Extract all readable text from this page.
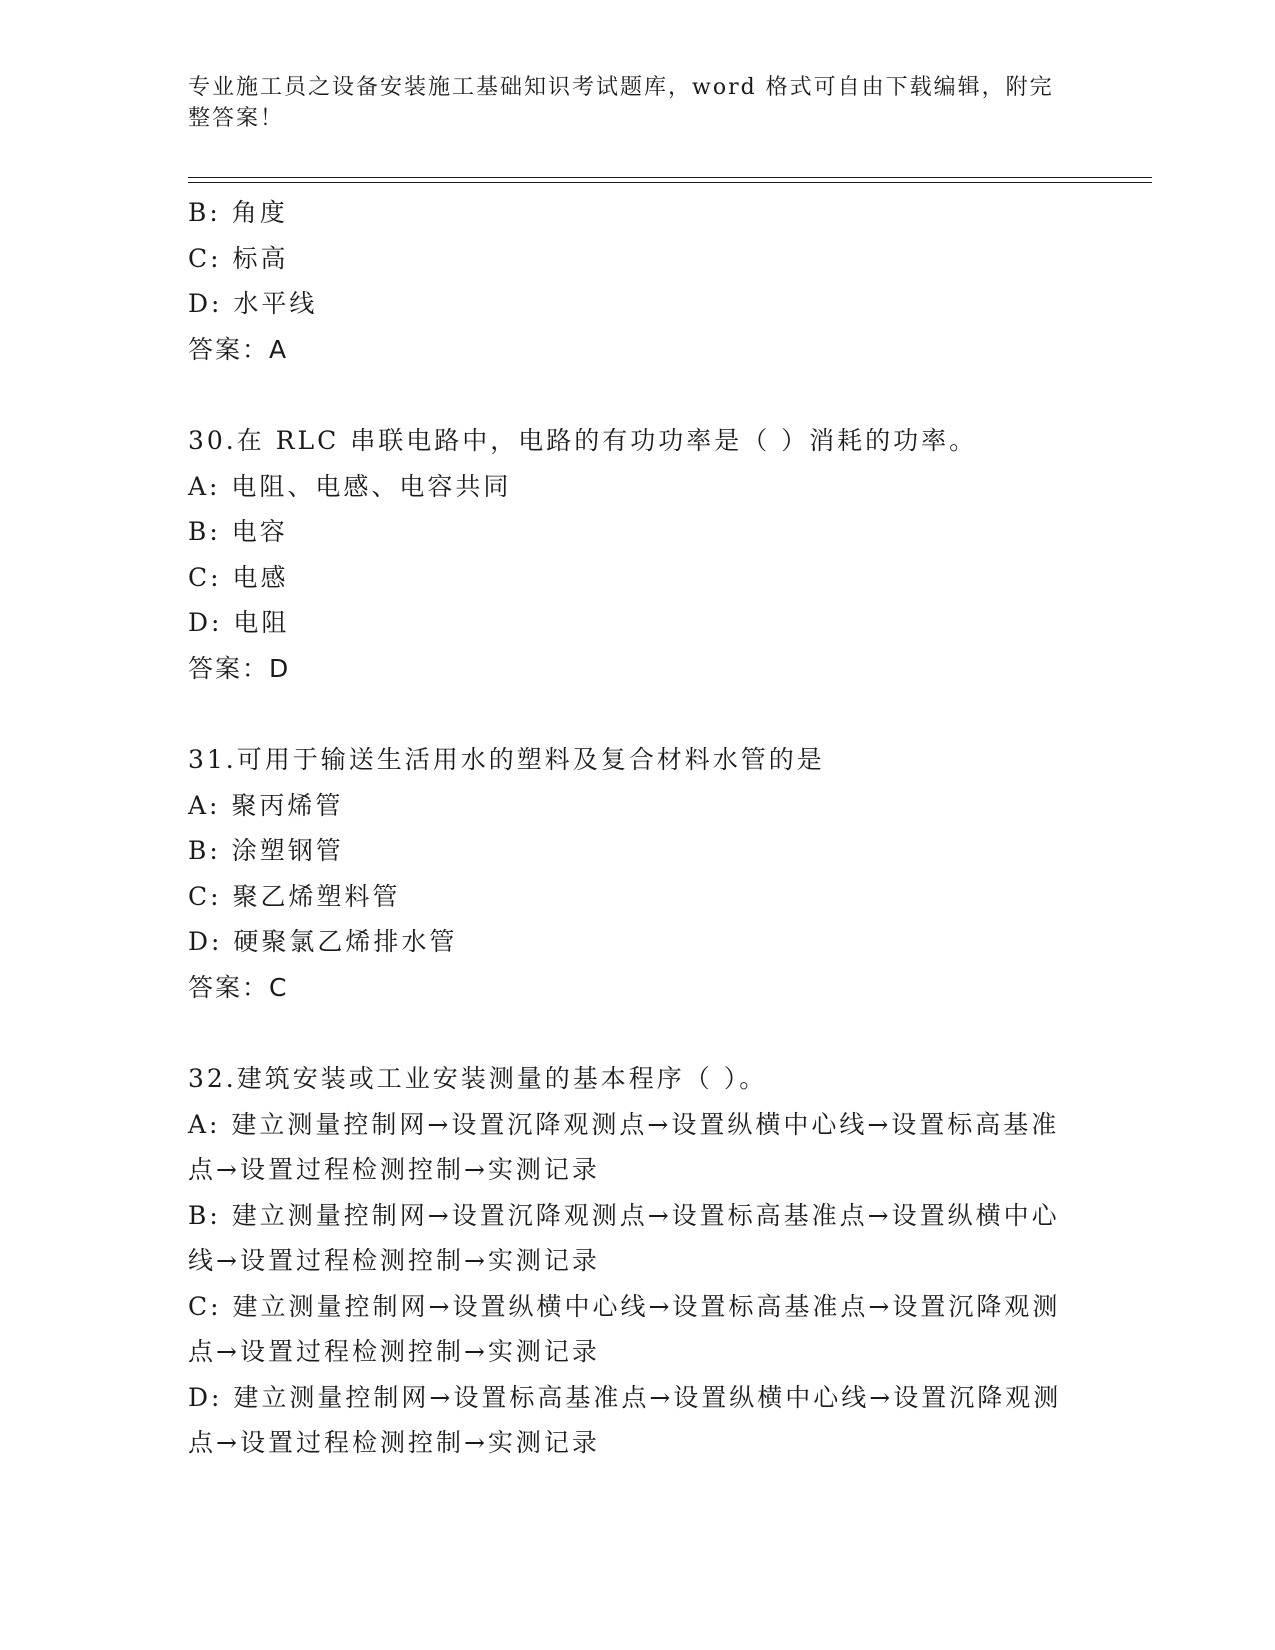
专业施工员之设备安装施工基础知识考试题库，word 格式可自由下载编辑，附完整答案！
B: 角度
C: 标高
D: 水平线
答案：A
30.在 RLC 串联电路中，电路的有功功率是（ ）消耗的功率。
A: 电阻、电感、电容共同
B: 电容
C: 电感
D: 电阻
答案：D
31.可用于输送生活用水的塑料及复合材料水管的是
A: 聚丙烯管
B: 涂塑钢管
C: 聚乙烯塑料管
D: 硬聚氯乙烯排水管
答案：C
32.建筑安装或工业安装测量的基本程序（ ）。
A: 建立测量控制网→设置沉降观测点→设置纵横中心线→设置标高基准点→设置过程检测控制→实测记录
B: 建立测量控制网→设置沉降观测点→设置标高基准点→设置纵横中心线→设置过程检测控制→实测记录
C: 建立测量控制网→设置纵横中心线→设置标高基准点→设置沉降观测点→设置过程检测控制→实测记录
D: 建立测量控制网→设置标高基准点→设置纵横中心线→设置沉降观测点→设置过程检测控制→实测记录
